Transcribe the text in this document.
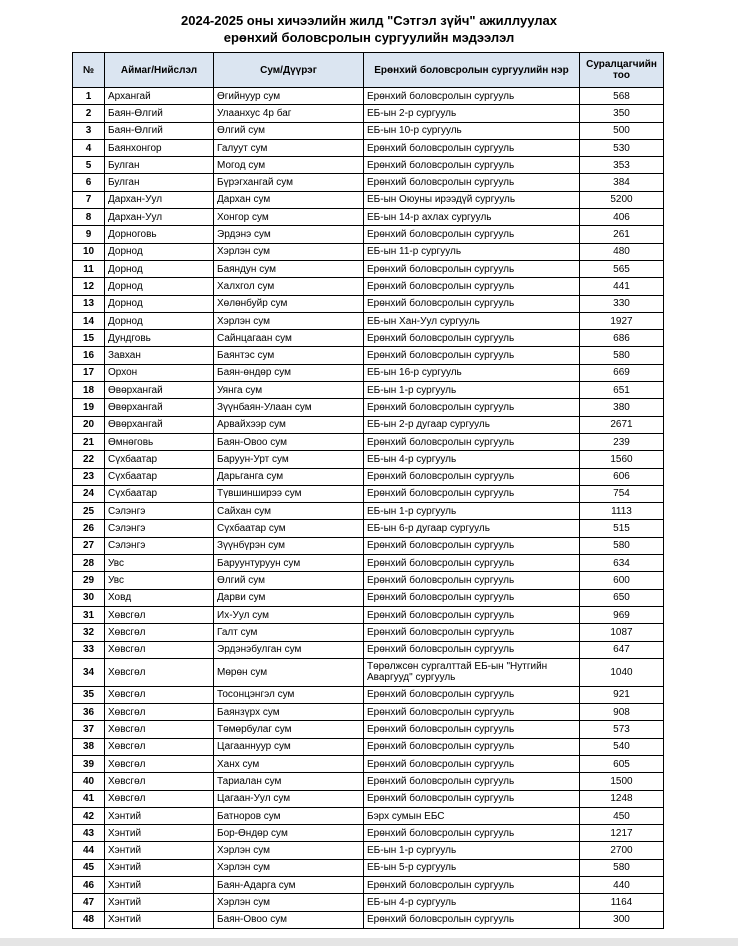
2024-2025 оны хичээлийн жилд "Сэтгэл зүйч" ажиллуулах
ерөнхий боловсролын сургуулийн мэдээлэл
№	Аймаг/Нийслэл	Сум/Дүүрэг	Ерөнхий боловсролын сургуулийн нэр	Суралцагчийн тоо
1	Архангай	Өгийнуур сум	Ерөнхий боловсролын сургууль	568
2	Баян-Өлгий	Улаанхус 4р баг	ЕБ-ын 2-р сургууль	350
3	Баян-Өлгий	Өлгий сум	ЕБ-ын 10-р сургууль	500
4	Баянхонгор	Галуут сум	Ерөнхий боловсролын сургууль	530
5	Булган	Могод сум	Ерөнхий боловсролын сургууль	353
6	Булган	Бүрэгхангай сум	Ерөнхий боловсролын сургууль	384
7	Дархан-Уул	Дархан сум	ЕБ-ын Оюуны ирээдүй сургууль	5200
8	Дархан-Уул	Хонгор сум	ЕБ-ын 14-р ахлах сургууль	406
9	Дорноговь	Эрдэнэ сум	Ерөнхий боловсролын сургууль	261
10	Дорнод	Хэрлэн сум	ЕБ-ын 11-р сургууль	480
11	Дорнод	Баяндун сум	Ерөнхий боловсролын сургууль	565
12	Дорнод	Халхгол сум	Ерөнхий боловсролын сургууль	441
13	Дорнод	Хөлөнбуйр сум	Ерөнхий боловсролын сургууль	330
14	Дорнод	Хэрлэн сум	ЕБ-ын Хан-Уул сургууль	1927
15	Дундговь	Сайнцагаан сум	Ерөнхий боловсролын сургууль	686
16	Завхан	Баянтэс сум	Ерөнхий боловсролын сургууль	580
17	Орхон	Баян-өндөр сум	ЕБ-ын 16-р сургууль	669
18	Өвөрхангай	Уянга сум	ЕБ-ын 1-р сургууль	651
19	Өвөрхангай	Зүүнбаян-Улаан сум	Ерөнхий боловсролын сургууль	380
20	Өвөрхангай	Арвайхээр сум	ЕБ-ын 2-р дугаар сургууль	2671
21	Өмнөговь	Баян-Овоо сум	Ерөнхий боловсролын сургууль	239
22	Сүхбаатар	Баруун-Урт сум	ЕБ-ын 4-р сургууль	1560
23	Сүхбаатар	Дарьганга сум	Ерөнхий боловсролын сургууль	606
24	Сүхбаатар	Түвшинширээ сум	Ерөнхий боловсролын сургууль	754
25	Сэлэнгэ	Сайхан сум	ЕБ-ын 1-р сургууль	1113
26	Сэлэнгэ	Сүхбаатар сум	ЕБ-ын 6-р дугаар сургууль	515
27	Сэлэнгэ	Зүүнбүрэн сум	Ерөнхий боловсролын сургууль	580
28	Увс	Баруунтуруун сум	Ерөнхий боловсролын сургууль	634
29	Увс	Өлгий сум	Ерөнхий боловсролын сургууль	600
30	Ховд	Дарви сум	Ерөнхий боловсролын сургууль	650
31	Хөвсгөл	Их-Уул сум	Ерөнхий боловсролын сургууль	969
32	Хөвсгөл	Галт сум	Ерөнхий боловсролын сургууль	1087
33	Хөвсгөл	Эрдэнэбулган сум	Ерөнхий боловсролын сургууль	647
34	Хөвсгөл	Мөрөн сум	Төрөлжсөн сургалттай ЕБ-ын "Нутгийн Аваргууд" сургууль	1040
35	Хөвсгөл	Тосонцэнгэл сум	Ерөнхий боловсролын сургууль	921
36	Хөвсгөл	Баянзүрх сум	Ерөнхий боловсролын сургууль	908
37	Хөвсгөл	Төмөрбулаг сум	Ерөнхий боловсролын сургууль	573
38	Хөвсгөл	Цагааннуур сум	Ерөнхий боловсролын сургууль	540
39	Хөвсгөл	Ханх сум	Ерөнхий боловсролын сургууль	605
40	Хөвсгөл	Тариалан сум	Ерөнхий боловсролын сургууль	1500
41	Хөвсгөл	Цагаан-Уул сум	Ерөнхий боловсролын сургууль	1248
42	Хэнтий	Батноров сум	Бэрх сумын ЕБС	450
43	Хэнтий	Бор-Өндөр сум	Ерөнхий боловсролын сургууль	1217
44	Хэнтий	Хэрлэн сум	ЕБ-ын 1-р сургууль	2700
45	Хэнтий	Хэрлэн сум	ЕБ-ын 5-р сургууль	580
46	Хэнтий	Баян-Адарга сум	Ерөнхий боловсролын сургууль	440
47	Хэнтий	Хэрлэн сум	ЕБ-ын 4-р сургууль	1164
48	Хэнтий	Баян-Овоо сум	Ерөнхий боловсролын сургууль	300
